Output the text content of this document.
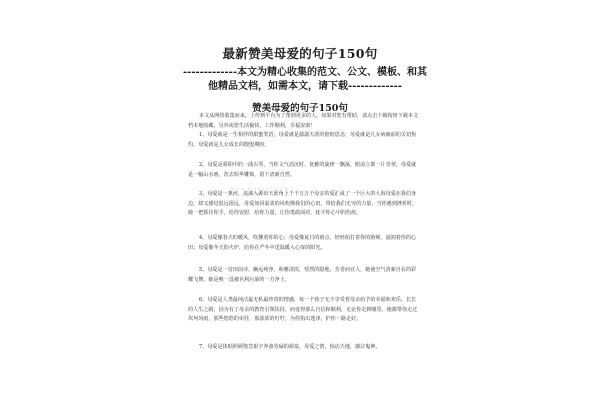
最新赞美母爱的句子150句

-------------本文为精心收集的范文、公文、模板、和其他精品文档，如需本文，请下载-------------

赞美母爱的句子150句

本文从网络收集而来，上传到平台为了帮到更多的人，如果对您有帮助，请点击下载按钮下载本文档本地收藏，另外祝您生活愉快，工作顺利，幸福安康！

1、母爱就是一生相伴的甜蜜笑语，母爱就是潺潺天涯的惦惦思念，母爱就是儿女病痛前的关切焦灼，母爱就是儿女成长的殷殷期盼。

2、母爱是骄阳中的一曲古琴，当你文气消沉时，优雅的旋律一飘荡，眼前立即一片青翠，母爱就是一幅山水画，洗去铅华雕饰，留下清新自然。

3、母爱是一条河，流淌入源出天涯角上千千万万个母亲的爱汇成了一个巨大的大海母爱在我们身边，却又感觉很远很远，母爱如同温柔的风吹拂我们的心田，带给我们无穷的力量，当你遇到挫折时，她一把抓住你手，给你安慰，给你力量，让你勇敢面对，抚平你心中的伤痕。

4、母爱像春天的暖风，吹拂着你的心；母爱像夏日的雨点，轻轻拍打着你的脸颊，滋润着你的心田；母爱像冬天的火炉，给你在严冬中送温暖入心扉的阳光。

5、母爱是一首田园诗，幽远纯净，和雅清淡，恬然的隐地，芳香而宜人，她使空气清新自在的彩蝶飞舞，她是唯一没被名利污染的一方净土。

6、母爱是人类最纯洁最无私最珍贵的情感，每一个孩子无不享受着母亲给予的幸福和欢乐，长长的人生之路，因为有了母亲的教育引领扶持，而变得那么自信和顺利，无论你走到哪里，她都带你走过坎坷风雨，那些悠悠的牵挂，那浓浓的叮咛，为你指出迷津，护你一路走好。

7、母爱是体贴照顾饱尝艰辛奔波劳碌的源泉，母爱之情，惊动天地，感泣鬼神。

www.wodocx.com
